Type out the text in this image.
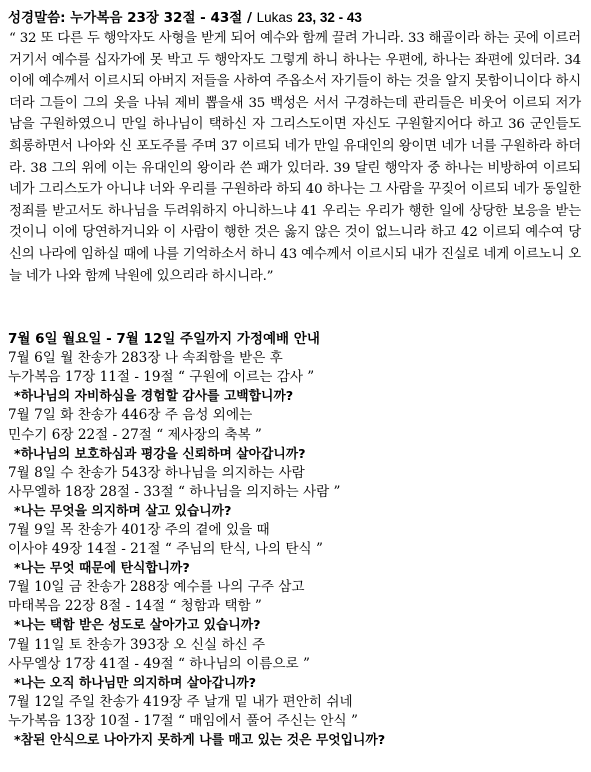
성경말씀: 누가복음 23장 32절 - 43절 / Lukas 23, 32 - 43

“ 32 또 다른 두 행악자도 사형을 받게 되어 예수와 함께 끌려 가니라. 33 해골이라 하는 곳에 이르러 거기서 예수를 십자가에 못 박고 두 행악자도 그렇게 하니 하나는 우편에, 하나는 좌편에 있더라. 34 이에 예수께서 이르시되 아버지 저들을 사하여 주옵소서 자기들이 하는 것을 알지 못함이니이다 하시더라 그들이 그의 옷을 나눠 제비 뽑을새 35 백성은 서서 구경하는데 관리들은 비웃어 이르되 저가 남을 구원하였으니 만일 하나님이 택하신 자 그리스도이면 자신도 구원할지어다 하고 36 군인들도 희롱하면서 나아와 신 포도주를 주며 37 이르되 네가 만일 유대인의 왕이면 네가 너를 구원하라 하더라. 38 그의 위에 이는 유대인의 왕이라 쓴 패가 있더라. 39 달린 행악자 중 하나는 비방하여 이르되 네가 그리스도가 아니냐 너와 우리를 구원하라 하되 40 하나는 그 사람을 꾸짖어 이르되 네가 동일한 정죄를 받고서도 하나님을 두려워하지 아니하느냐 41 우리는 우리가 행한 일에 상당한 보응을 받는 것이니 이에 당연하거니와 이 사람이 행한 것은 옳지 않은 것이 없느니라 하고 42 이르되 예수여 당신의 나라에 임하실 때에 나를 기억하소서 하니 43 예수께서 이르시되 내가 진실로 네게 이르노니 오늘 네가 나와 함께 낙원에 있으리라 하시니라.”

7월 6일 월요일 - 7월 12일 주일까지 가정예배 안내
7월 6일 월 찬송가 283장 나 속죄함을 받은 후
누가복음 17장 11절 - 19절 “ 구원에 이르는 감사 ”
*하나님의 자비하심을 경험할 감사를 고백합니까?
7월 7일 화 찬송가 446장 주 음성 외에는
민수기 6장 22절 - 27절 “ 제사장의 축복 ”
*하나님의 보호하심과 평강을 신뢰하며 살아갑니까?
7월 8일 수 찬송가 543장 하나님을 의지하는 사람
사무엘하 18장 28절 - 33절 “ 하나님을 의지하는 사람 ”
*나는 무엇을 의지하며 살고 있습니까?
7월 9일 목 찬송가 401장 주의 곁에 있을 때
이사야 49장 14절 - 21절 “ 주님의 탄식, 나의 탄식 ”
*나는 무엇 때문에 탄식합니까?
7월 10일 금 찬송가 288장 예수를 나의 구주 삼고
마태복음 22장 8절 - 14절 “ 청함과 택함 ”
*나는 택함 받은 성도로 살아가고 있습니까?
7월 11일 토 찬송가 393장 오 신실 하신 주
사무엘상 17장 41절 - 49절 “ 하나님의 이름으로 ”
*나는 오직 하나님만 의지하며 살아갑니까?
7월 12일 주일 찬송가 419장 주 날개 밑 내가 편안히 쉬네
누가복음 13장 10절 - 17절 “ 매임에서 풀어 주신는 안식 ”
*참된 안식으로 나아가지 못하게 나를 매고 있는 것은 무엇입니까?
